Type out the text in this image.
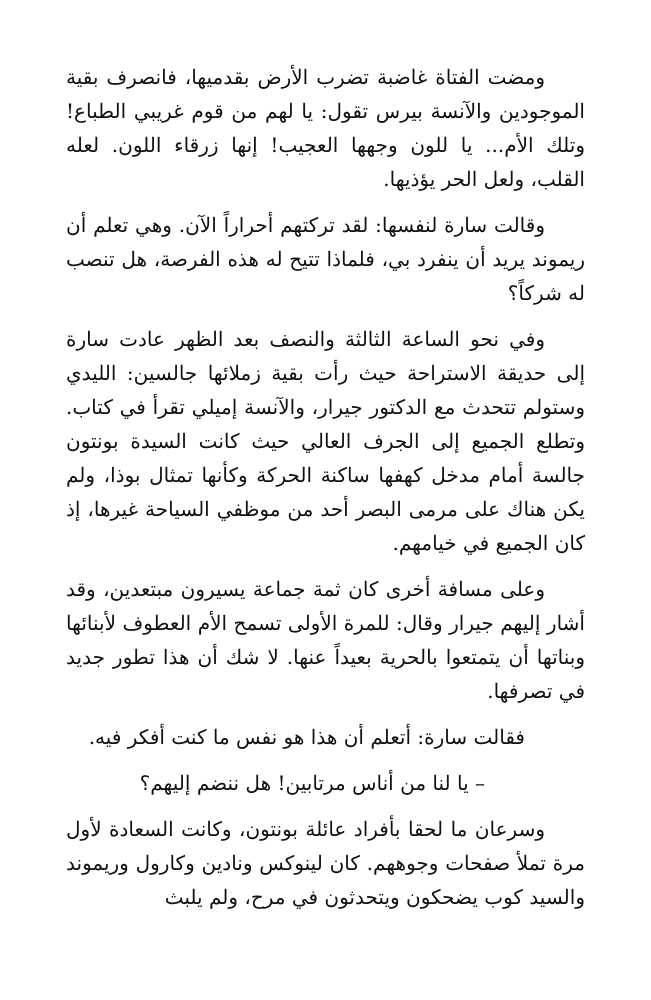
ومضت الفتاة غاضبة تضرب الأرض بقدميها، فانصرف بقية الموجودين والآنسة بيرس تقول: يا لهم من قوم غريبي الطباع! وتلك الأم... يا للون وجهها العجيب! إنها زرقاء اللون. لعله القلب، ولعل الحر يؤذيها.

وقالت سارة لنفسها: لقد تركتهم أحراراً الآن. وهي تعلم أن ريموند يريد أن ينفرد بي، فلماذا تتيح له هذه الفرصة، هل تنصب له شركاً؟

وفي نحو الساعة الثالثة والنصف بعد الظهر عادت سارة إلى حديقة الاستراحة حيث رأت بقية زملائها جالسين: الليدي وستولم تتحدث مع الدكتور جيرار، والآنسة إميلي تقرأ في كتاب. وتطلع الجميع إلى الجرف العالي حيث كانت السيدة بونتون جالسة أمام مدخل كهفها ساكنة الحركة وكأنها تمثال بوذا، ولم يكن هناك على مرمى البصر أحد من موظفي السياحة غيرها، إذ كان الجميع في خيامهم.

وعلى مسافة أخرى كان ثمة جماعة يسيرون مبتعدين، وقد أشار إليهم جيرار وقال: للمرة الأولى تسمح الأم العطوف لأبنائها وبناتها أن يتمتعوا بالحرية بعيداً عنها. لا شك أن هذا تطور جديد في تصرفها.

فقالت سارة: أتعلم أن هذا هو نفس ما كنت أفكر فيه.

– يا لنا من أناس مرتابين! هل ننضم إليهم؟

وسرعان ما لحقا بأفراد عائلة بونتون، وكانت السعادة لأول مرة تملأ صفحات وجوههم. كان لينوكس ونادين وكارول وريموند والسيد كوب يضحكون ويتحدثون في مرح، ولم يلبث
